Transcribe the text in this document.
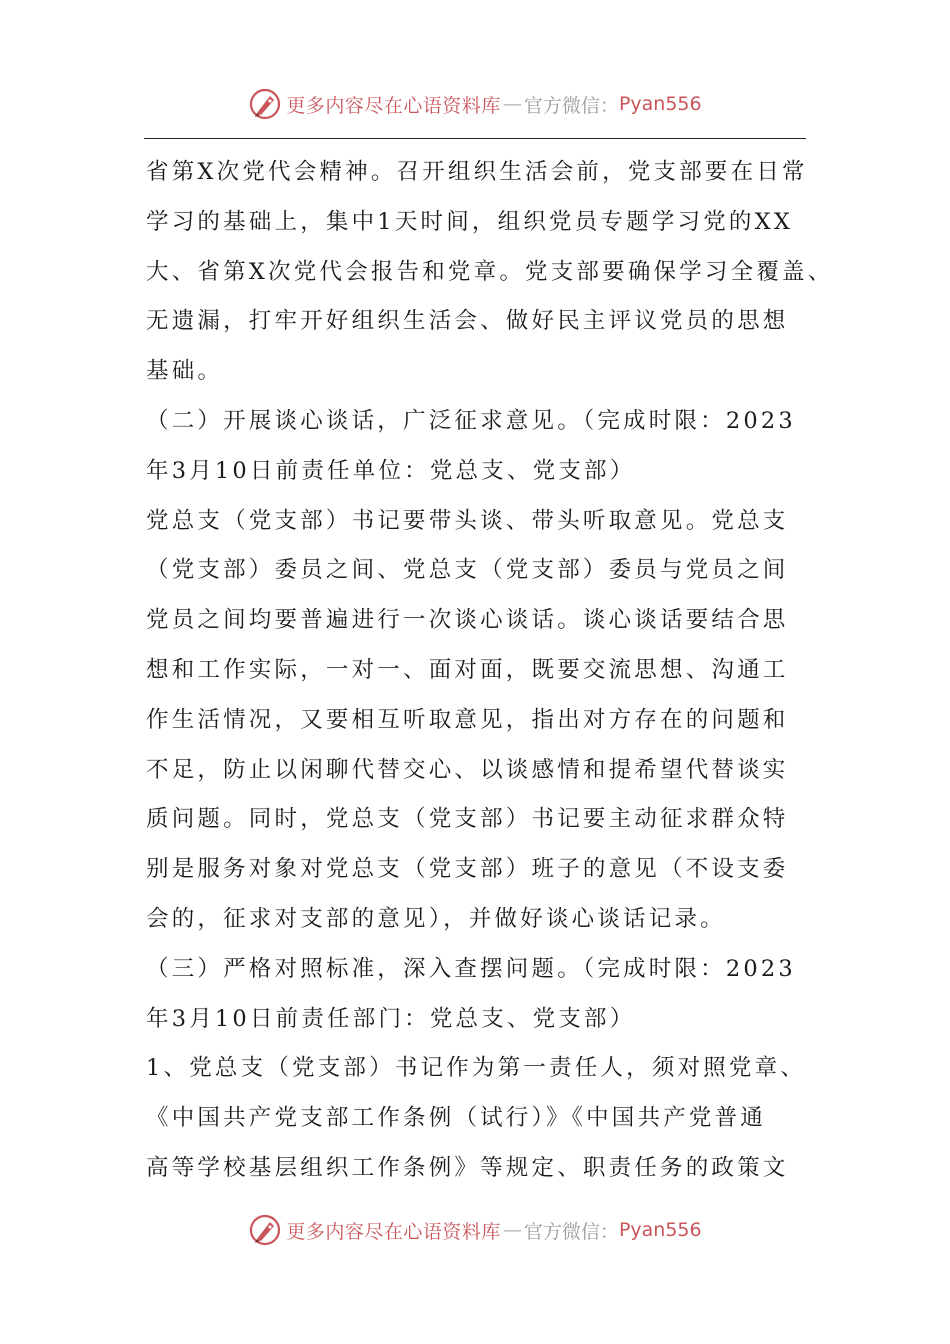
更多内容尽在心语资料库 — 官方微信： Pyan556
省第X次党代会精神。召开组织生活会前，党支部要在日常
学习的基础上，集中1天时间，组织党员专题学习党的XX
大、省第X次党代会报告和党章。党支部要确保学习全覆盖、
无遗漏，打牢开好组织生活会、做好民主评议党员的思想
基础。
（二）开展谈心谈话，广泛征求意见。（完成时限：2023
年3月10日前责任单位：党总支、党支部）
党总支（党支部）书记要带头谈、带头听取意见。党总支
（党支部）委员之间、党总支（党支部）委员与党员之间
党员之间均要普遍进行一次谈心谈话。谈心谈话要结合思
想和工作实际，一对一、面对面，既要交流思想、沟通工
作生活情况，又要相互听取意见，指出对方存在的问题和
不足，防止以闲聊代替交心、以谈感情和提希望代替谈实
质问题。同时，党总支（党支部）书记要主动征求群众特
别是服务对象对党总支（党支部）班子的意见（不设支委
会的，征求对支部的意见），并做好谈心谈话记录。
（三）严格对照标准，深入查摆问题。（完成时限：2023
年3月10日前责任部门：党总支、党支部）
1、党总支（党支部）书记作为第一责任人，须对照党章、
《中国共产党支部工作条例（试行）》《中国共产党普通
高等学校基层组织工作条例》等规定、职责任务的政策文
更多内容尽在心语资料库 — 官方微信： Pyan556
